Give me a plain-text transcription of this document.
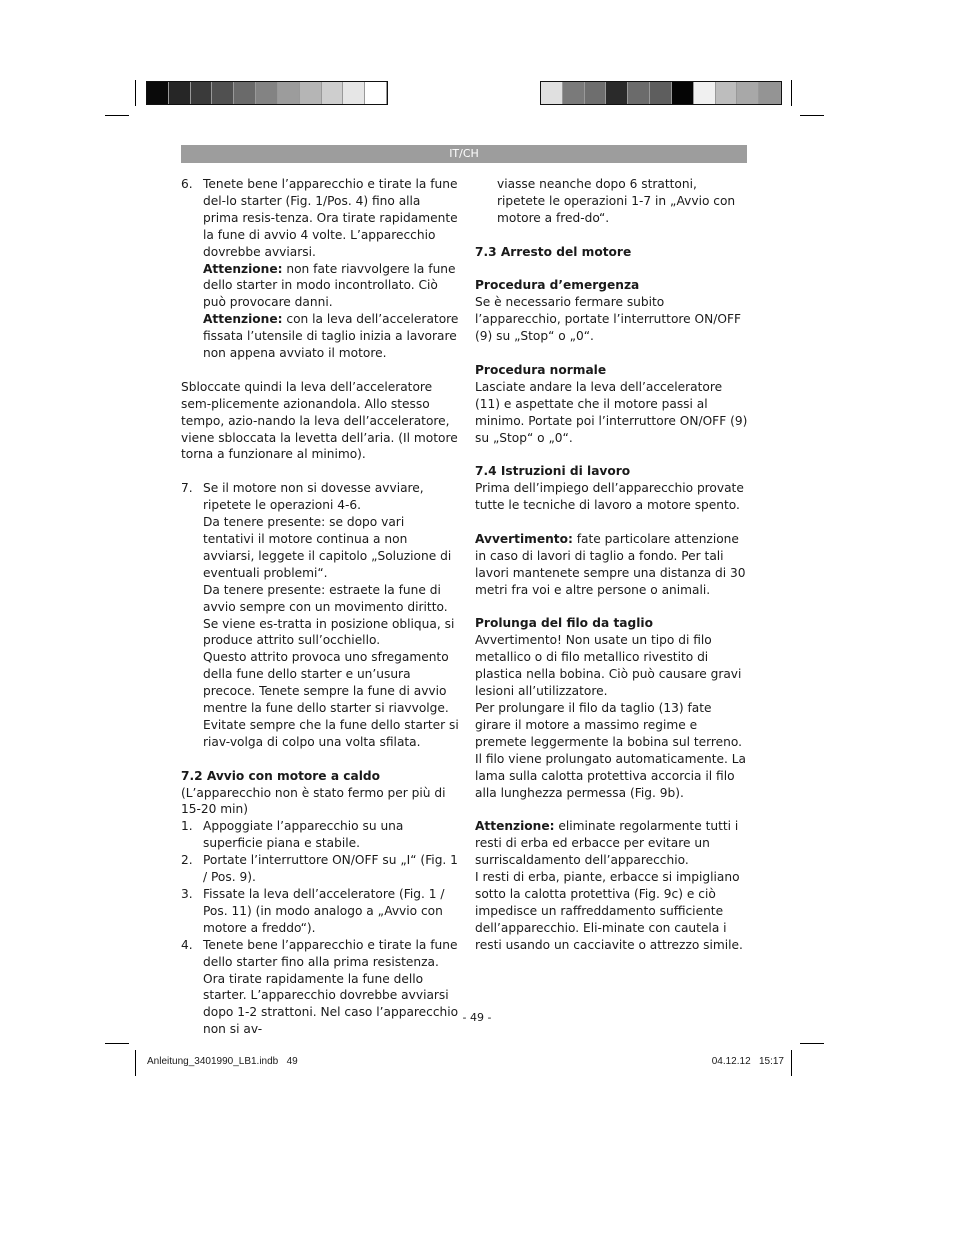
IT/CH
6. Tenete bene l’apparecchio e tirate la fune del-lo starter (Fig. 1/Pos. 4) fino alla prima resis-tenza. Ora tirate rapidamente la fune di avvio 4 volte. L’apparecchio dovrebbe avviarsi.

Attenzione: non fate riavvolgere la fune dello starter in modo incontrollato. Ciò può provocare danni.

Attenzione: con la leva dell’acceleratore fissata l’utensile di taglio inizia a lavorare non appena avviato il motore.

Sbloccate quindi la leva dell’acceleratore sem-plicemente azionandola. Allo stesso tempo, azio-nando la leva dell’acceleratore, viene sbloccata la levetta dell’aria. (Il motore torna a funzionare al minimo).

7. Se il motore non si dovesse avviare, ripetete le operazioni 4-6.

Da tenere presente: se dopo vari tentativi il motore continua a non avviarsi, leggete il capitolo „Soluzione di eventuali problemi“.

Da tenere presente: estraete la fune di avvio sempre con un movimento diritto. Se viene es-tratta in posizione obliqua, si produce attrito sull’occhiello.

Questo attrito provoca uno sfregamento della fune dello starter e un’usura precoce. Tenete sempre la fune di avvio mentre la fune dello starter si riavvolge.

Evitate sempre che la fune dello starter si riav-volga di colpo una volta sfilata.

7.2 Avvio con motore a caldo

(L’apparecchio non è stato fermo per più di 15-20 min)

1. Appoggiate l’apparecchio su una superficie piana e stabile.
2. Portate l’interruttore ON/OFF su „I“ (Fig. 1 / Pos. 9).
3. Fissate la leva dell’acceleratore (Fig. 1 / Pos. 11) (in modo analogo a „Avvio con motore a freddo“).
4. Tenete bene l’apparecchio e tirate la fune dello starter fino alla prima resistenza. Ora tirate rapidamente la fune dello starter. L’apparecchio dovrebbe avviarsi dopo 1-2 strattoni. Nel caso l’apparecchio non si av-
viasse neanche dopo 6 strattoni, ripetete le operazioni 1-7 in „Avvio con motore a fred-do“.
7.3 Arresto del motore
Procedura d’emergenza

Se è necessario fermare subito l’apparecchio, portate l’interruttore ON/OFF (9) su „Stop“ o „0“.

Procedura normale

Lasciate andare la leva dell’acceleratore (11) e aspettate che il motore passi al minimo. Portate poi l’interruttore ON/OFF (9) su „Stop“ o „0“.

7.4 Istruzioni di lavoro

Prima dell’impiego dell’apparecchio provate tutte le tecniche di lavoro a motore spento.

Avvertimento: fate particolare attenzione in caso di lavori di taglio a fondo. Per tali lavori mantenete sempre una distanza di 30 metri fra voi e altre persone o animali.

Prolunga del filo da taglio

Avvertimento! Non usate un tipo di filo metallico o di filo metallico rivestito di plastica nella bobina. Ciò può causare gravi lesioni all’utilizzatore.

Per prolungare il filo da taglio (13) fate girare il motore a massimo regime e premete leggermente la bobina sul terreno. Il filo viene prolungato automaticamente. La lama sulla calotta protettiva accorcia il filo alla lunghezza permessa (Fig. 9b).

Attenzione: eliminate regolarmente tutti i resti di erba ed erbacce per evitare un surriscaldamento dell’apparecchio.

I resti di erba, piante, erbacce si impigliano sotto la calotta protettiva (Fig. 9c) e ciò impedisce un raffreddamento sufficiente dell’apparecchio. Eli-minate con cautela i resti usando un cacciavite o attrezzo simile.

- 49 -
Anleitung_3401990_LB1.indb   49	04.12.12   15:17
